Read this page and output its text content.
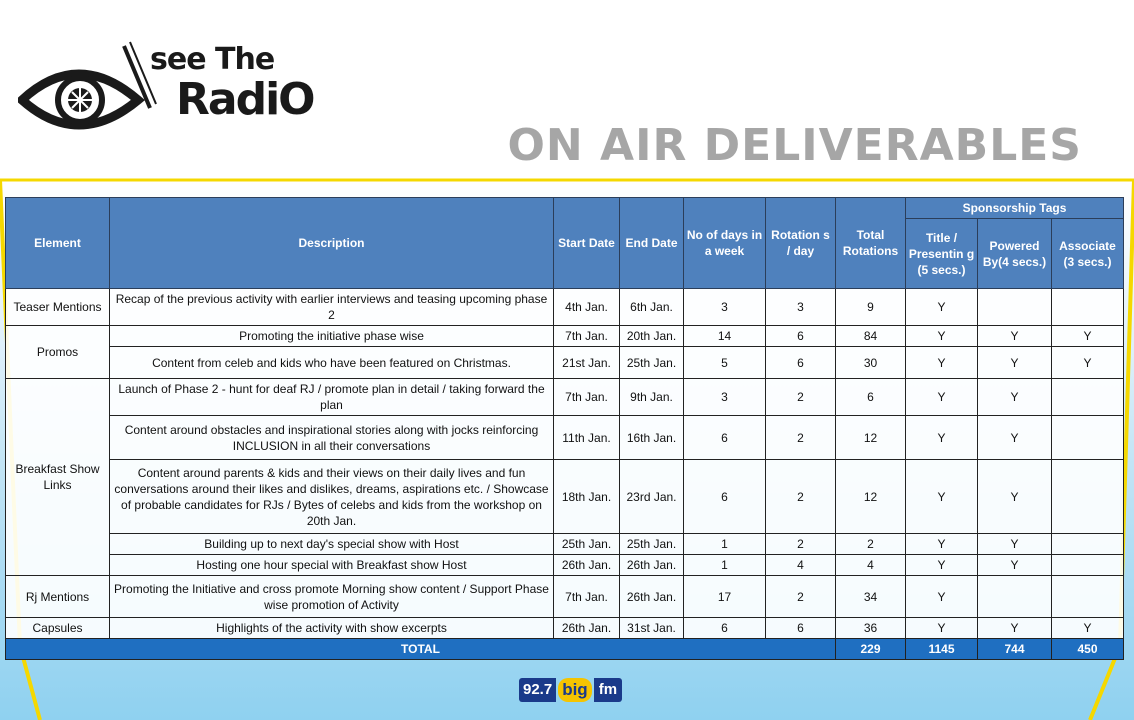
see The
RadiO
ON AIR DELIVERABLES
Element	Description	Start Date	End Date	No of days in a week	Rotation s / day	Total Rotations	Sponsorship Tags		
							Title / Presentin g (5 secs.)	Powered By(4 secs.)	Associate (3 secs.)
Teaser Mentions	Recap of the previous activity with earlier interviews and teasing upcoming phase 2	4th Jan.	6th Jan.	3	3	9	Y		
Promos	Promoting the initiative phase wise	7th Jan.	20th Jan.	14	6	84	Y	Y	Y
	Content from celeb and kids who have been featured on Christmas.	21st Jan.	25th Jan.	5	6	30	Y	Y	Y
Breakfast Show Links	Launch of Phase 2 - hunt for deaf RJ / promote plan in detail / taking forward the plan	7th Jan.	9th Jan.	3	2	6	Y	Y	
	Content around obstacles and inspirational stories along with jocks reinforcing INCLUSION in all their conversations	11th Jan.	16th Jan.	6	2	12	Y	Y	
	Content around parents & kids and their views on their daily lives and fun conversations around their likes and dislikes, dreams, aspirations etc. / Showcase of probable candidates for RJs / Bytes of celebs and kids from the workshop on 20th Jan.	18th Jan.	23rd Jan.	6	2	12	Y	Y	
	Building up to next day's special show with Host	25th Jan.	25th Jan.	1	2	2	Y	Y	
	Hosting one hour special with Breakfast show Host	26th Jan.	26th Jan.	1	4	4	Y	Y	
Rj Mentions	Promoting the Initiative and cross promote Morning show content / Support Phase wise promotion of Activity	7th Jan.	26th Jan.	17	2	34	Y		
Capsules	Highlights of the activity with show excerpts	26th Jan.	31st Jan.	6	6	36	Y	Y	Y
TOTAL						229	1145	744	450
92.7 big fm
